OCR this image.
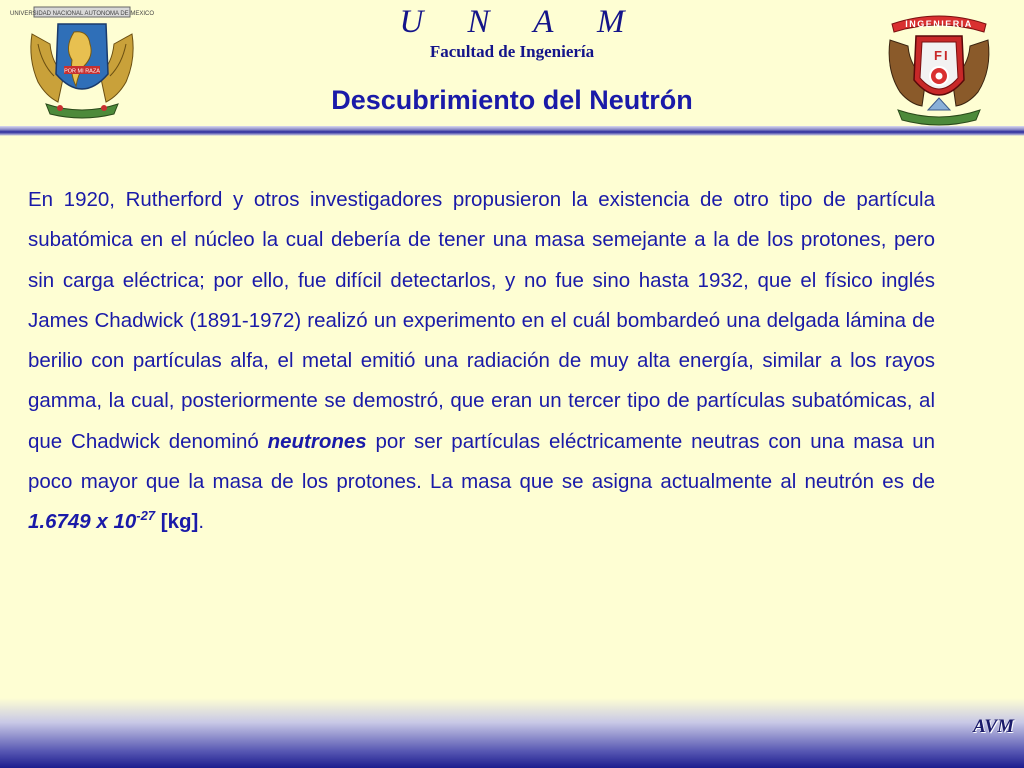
UNIVERSIDAD NACIONAL AUTONOMA DE MEXICO
POR MI RAZA
U N A M
Facultad de Ingeniería
Descubrimiento del Neutrón
INGENIERIA
F I

En 1920, Rutherford y otros investigadores propusieron la existencia de otro tipo de partícula subatómica en el núcleo la cual debería de tener una masa semejante a la de los protones, pero sin carga eléctrica; por ello, fue difícil detectarlos, y no fue sino hasta 1932, que el físico inglés James Chadwick (1891-1972) realizó un experimento en el cuál bombardeó una delgada lámina de berilio con partículas alfa, el metal emitió una radiación de muy alta energía, similar a los rayos gamma, la cual, posteriormente se demostró, que eran un tercer tipo de partículas subatómicas, al que Chadwick denominó neutrones por ser partículas eléctricamente neutras con una masa un poco mayor que la masa de los protones. La masa que se asigna actualmente al neutrón es de 1.6749 x $10^{-27}$ [kg].

AVM
